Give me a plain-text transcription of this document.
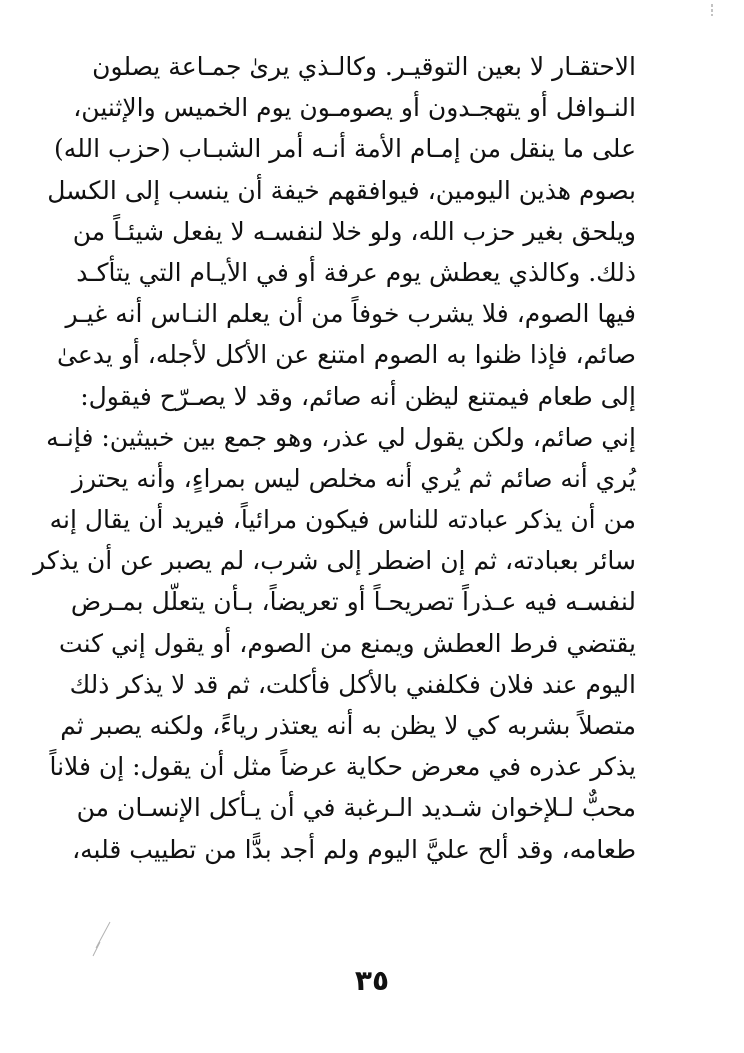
الاحتقـار لا بعين التوقيـر. وكالـذي يرىٰ جمـاعة يصلون
النـوافل أو يتهجـدون أو يصومـون يوم الخميس والإثنين،
على ما ينقل من إمـام الأمة أنـه أمر الشبـاب (حزب الله)
بصوم هذين اليومين، فيوافقهم خيفة أن ينسب إلى الكسل
ويلحق بغير حزب الله، ولو خلا لنفسـه لا يفعل شيئـاً من
ذلك. وكالذي يعطش يوم عرفة أو في الأيـام التي يتأكـد
فيها الصوم، فلا يشرب خوفاً من أن يعلم النـاس أنه غيـر
صائم، فإذا ظنوا به الصوم امتنع عن الأكل لأجله، أو يدعىٰ
إلى طعام فيمتنع ليظن أنه صائم، وقد لا يصـرّح فيقول:
إني صائم، ولكن يقول لي عذر، وهو جمع بين خبيثين: فإنـه
يُري أنه صائم ثم يُري أنه مخلص ليس بمراءٍ، وأنه يحترز
من أن يذكر عبادته للناس فيكون مرائياً، فيريد أن يقال إنه
سائر بعبادته، ثم إن اضطر إلى شرب، لم يصبر عن أن يذكر
لنفسـه فيه عـذراً تصريحـاً أو تعريضاً، بـأن يتعلّل بمـرض
يقتضي فرط العطش ويمنع من الصوم، أو يقول إني كنت
اليوم عند فلان فكلفني بالأكل فأكلت، ثم قد لا يذكر ذلك
متصلاً بشربه كي لا يظن به أنه يعتذر رياءً، ولكنه يصبر ثم
يذكر عذره في معرض حكاية عرضاً مثل أن يقول: إن فلاناً
محبٌّ لـلإخوان شـديد الـرغبة في أن يـأكل الإنسـان من
طعامه، وقد ألح عليَّ اليوم ولم أجد بدًّا من تطييب قلبه،
٣٥
